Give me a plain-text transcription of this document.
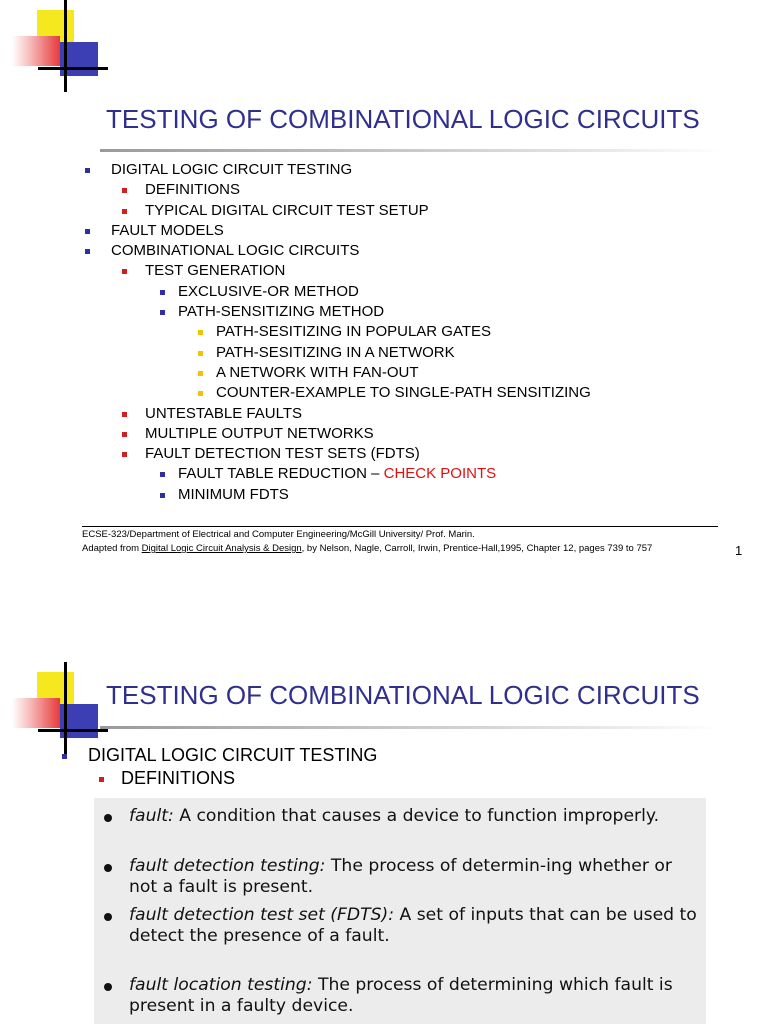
TESTING OF COMBINATIONAL LOGIC CIRCUITS
DIGITAL LOGIC CIRCUIT TESTING
DEFINITIONS
TYPICAL DIGITAL CIRCUIT TEST SETUP
FAULT MODELS
COMBINATIONAL LOGIC CIRCUITS
TEST GENERATION
EXCLUSIVE-OR METHOD
PATH-SENSITIZING METHOD
PATH-SESITIZING IN POPULAR GATES
PATH-SESITIZING IN A NETWORK
A NETWORK WITH FAN-OUT
COUNTER-EXAMPLE TO SINGLE-PATH SENSITIZING
UNTESTABLE FAULTS
MULTIPLE OUTPUT NETWORKS
FAULT DETECTION TEST SETS (FDTS)
FAULT TABLE REDUCTION – CHECK POINTS
MINIMUM FDTS
ECSE-323/Department of Electrical and Computer Engineering/McGill University/ Prof. Marin.
Adapted from Digital Logic Circuit Analysis & Design, by Nelson, Nagle, Carroll, Irwin, Prentice-Hall,1995, Chapter 12, pages 739 to 757	1
TESTING OF COMBINATIONAL LOGIC CIRCUITS
DIGITAL LOGIC CIRCUIT TESTING
DEFINITIONS
fault: A condition that causes a device to function improperly.
fault detection testing: The process of determin-ing whether or not a fault is present.
fault detection test set (FDTS): A set of inputs that can be used to detect the presence of a fault.
fault location testing: The process of determining which fault is present in a faulty device.
